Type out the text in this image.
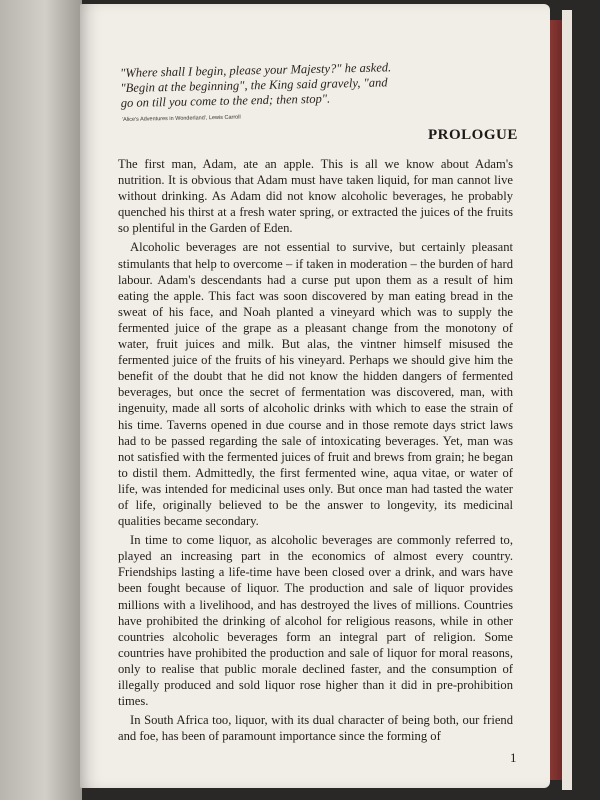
"Where shall I begin, please your Majesty?" he asked.

"Begin at the beginning", the King said gravely, "and

go on till you come to the end; then stop".

'Alice's Adventures in Wonderland', Lewis Carroll
PROLOGUE

The first man, Adam, ate an apple. This is all we know about Adam's nutrition. It is obvious that Adam must have taken liquid, for man cannot live without drinking. As Adam did not know alcoholic beverages, he probably quenched his thirst at a fresh water spring, or extracted the juices of the fruits so plentiful in the Garden of Eden.

Alcoholic beverages are not essential to survive, but certainly pleasant stimulants that help to overcome – if taken in moderation – the burden of hard labour. Adam's descendants had a curse put upon them as a result of him eating the apple. This fact was soon discovered by man eating bread in the sweat of his face, and Noah planted a vineyard which was to supply the fermented juice of the grape as a pleasant change from the monotony of water, fruit juices and milk. But alas, the vintner himself misused the fermented juice of the fruits of his vineyard. Perhaps we should give him the benefit of the doubt that he did not know the hidden dangers of fermented beverages, but once the secret of fermentation was discovered, man, with ingenuity, made all sorts of alcoholic drinks with which to ease the strain of his time. Taverns opened in due course and in those remote days strict laws had to be passed regarding the sale of intoxicating beverages. Yet, man was not satisfied with the fermented juices of fruit and brews from grain; he began to distil them. Admittedly, the first fermented wine, aqua vitae, or water of life, was intended for medicinal uses only. But once man had tasted the water of life, originally believed to be the answer to longevity, its medicinal qualities became secondary.

In time to come liquor, as alcoholic beverages are commonly referred to, played an increasing part in the economics of almost every country. Friendships lasting a life-time have been closed over a drink, and wars have been fought because of liquor. The production and sale of liquor provides millions with a livelihood, and has destroyed the lives of millions. Countries have prohibited the drinking of alcohol for religious reasons, while in other countries alcoholic beverages form an integral part of religion. Some countries have prohibited the production and sale of liquor for moral reasons, only to realise that public morale declined faster, and the consumption of illegally produced and sold liquor rose higher than it did in pre-prohibition times.

In South Africa too, liquor, with its dual character of being both, our friend and foe, has been of paramount importance since the forming of

1
